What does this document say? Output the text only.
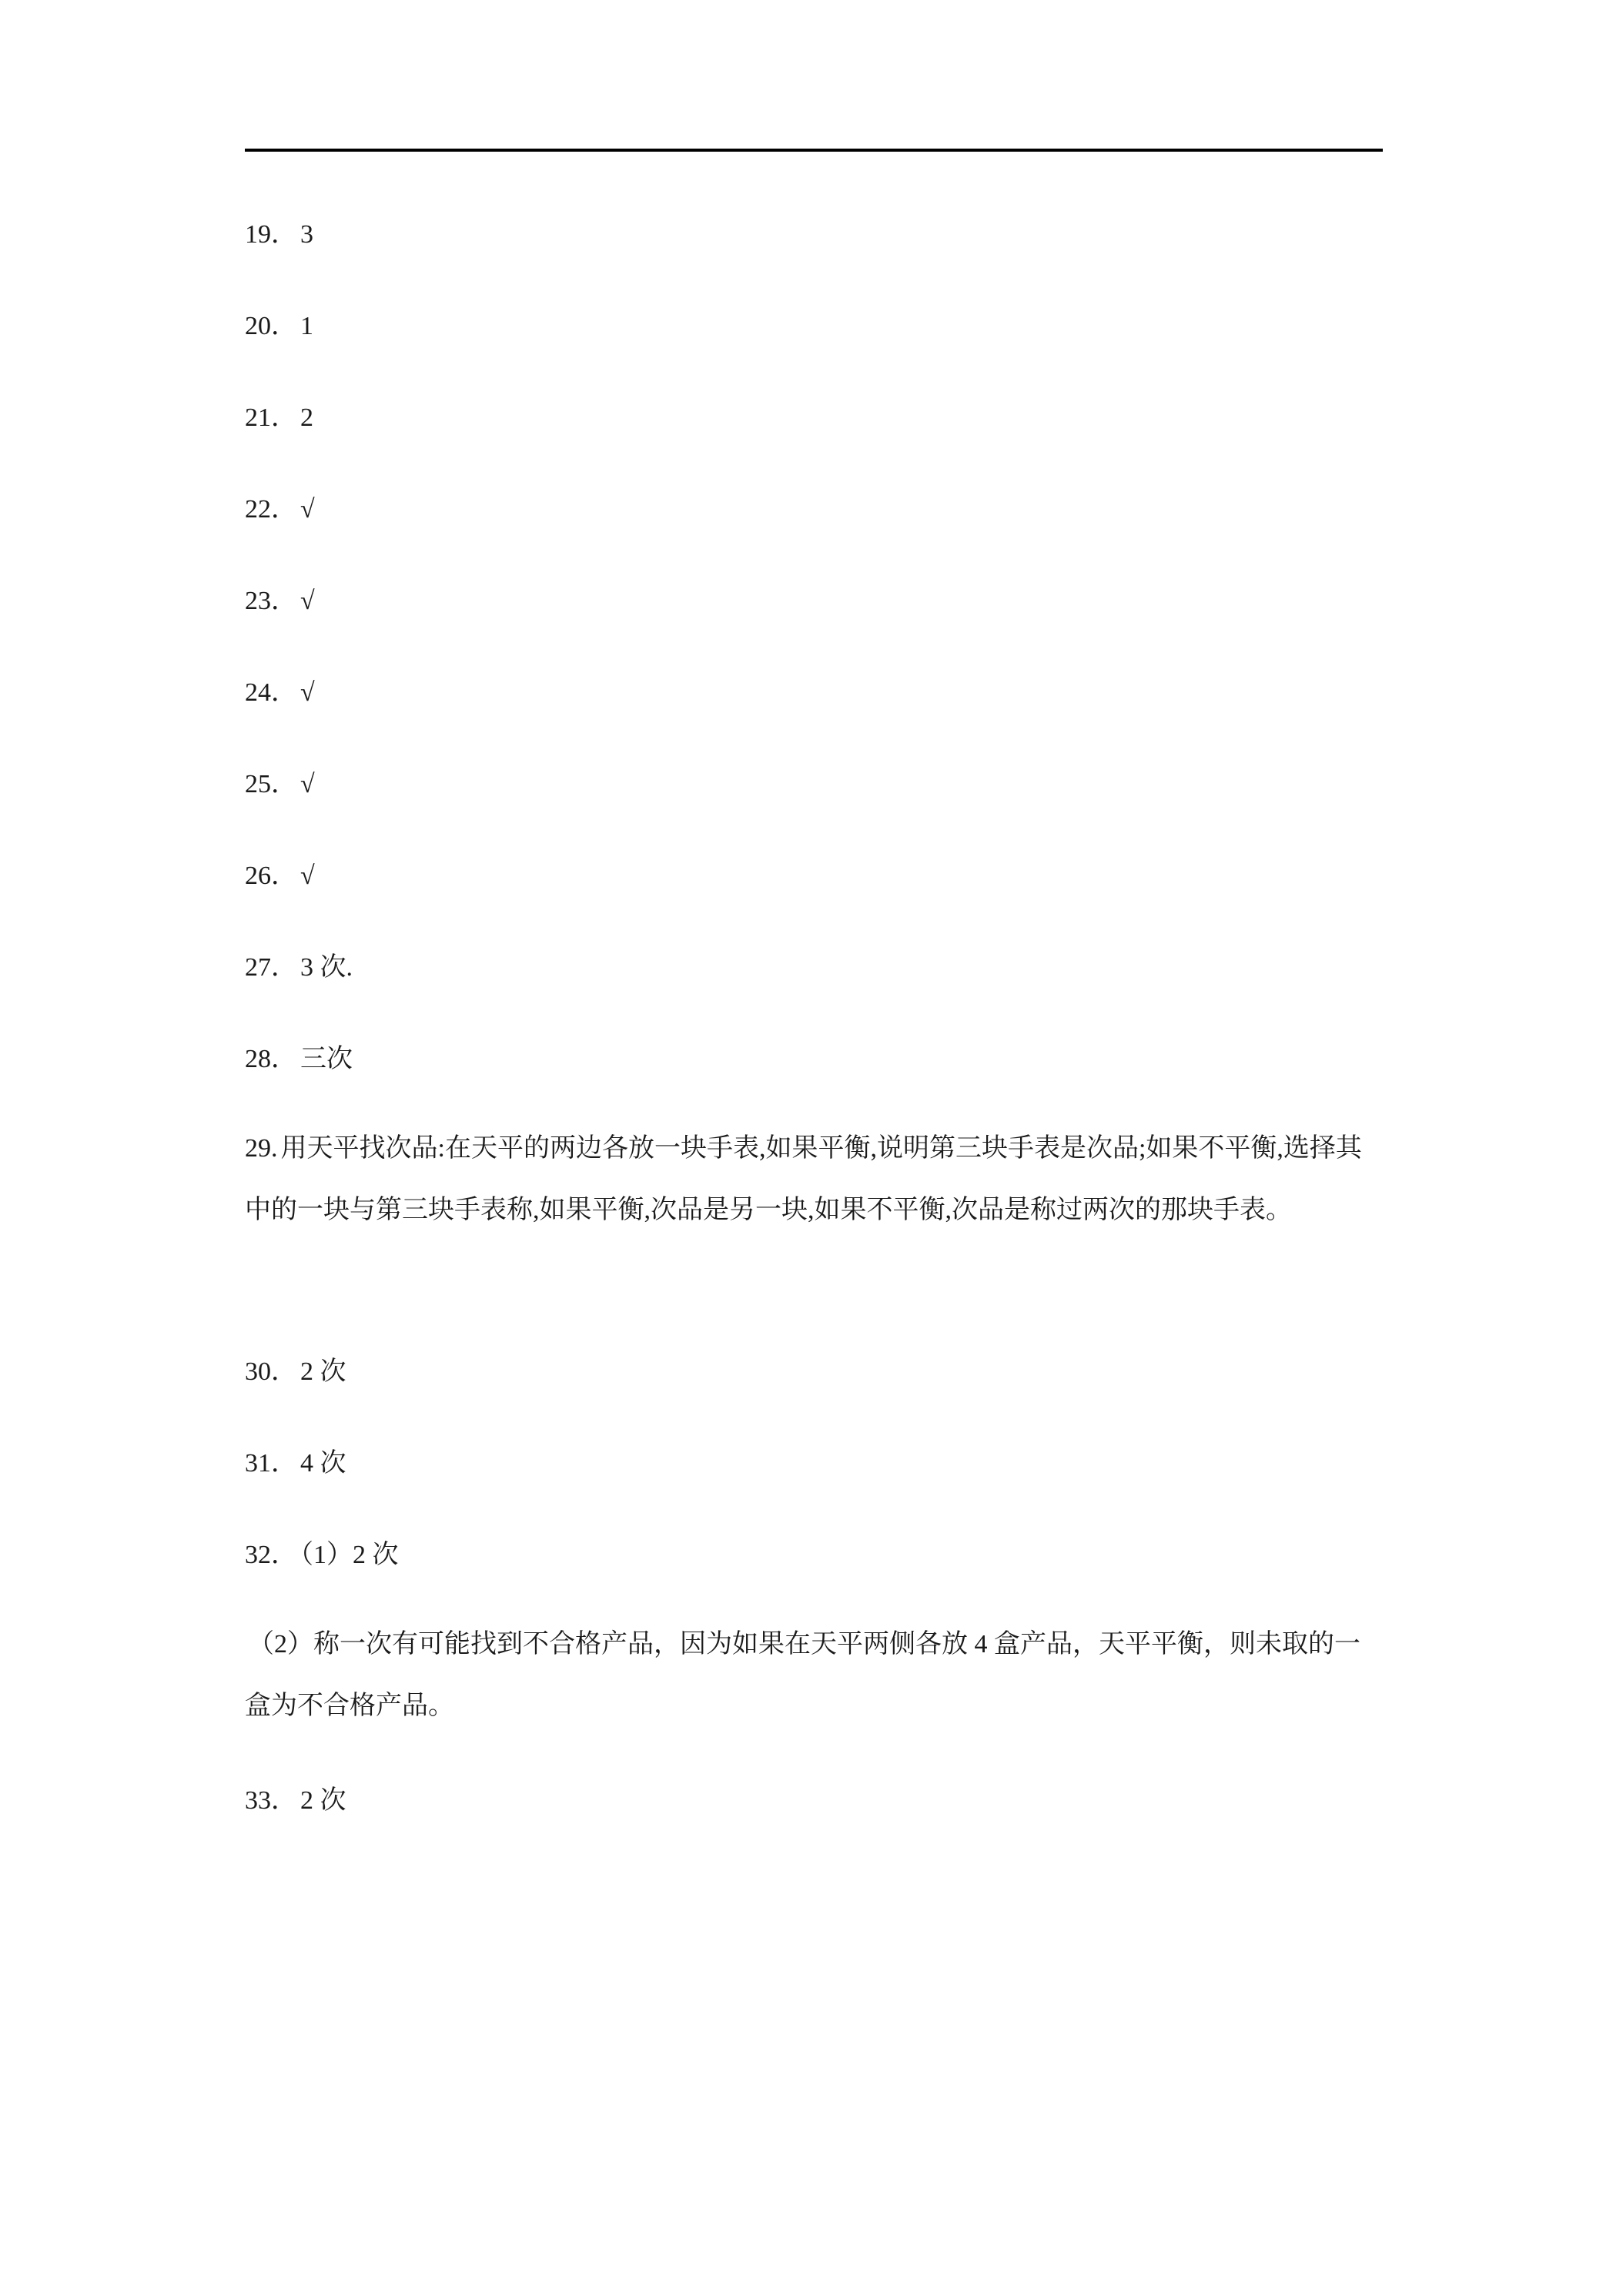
19． 3
20． 1
21． 2
22． √
23． √
24． √
25． √
26． √
27． 3 次.
28． 三次
29. 用天平找次品:在天平的两边各放一块手表,如果平衡,说明第三块手表是次品;如果不平衡,选择其中的一块与第三块手表称,如果平衡,次品是另一块,如果不平衡,次品是称过两次的那块手表。
30． 2 次
31． 4 次
32． （1）2 次
（2）称一次有可能找到不合格产品，因为如果在天平两侧各放 4 盒产品，天平平衡，则未取的一盒为不合格产品。
33． 2 次
